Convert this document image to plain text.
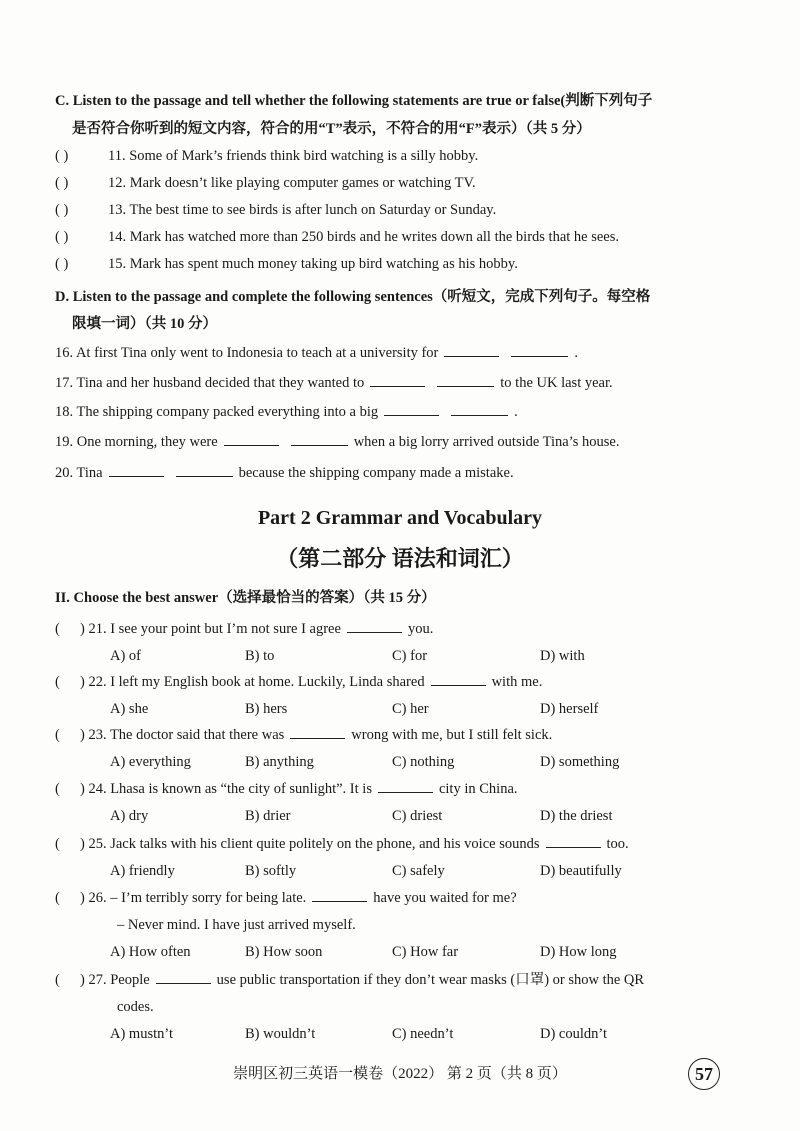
C. Listen to the passage and tell whether the following statements are true or false(判断下列句子
是否符合你听到的短文内容，符合的用“T”表示，不符合的用“F”表示）（共 5 分）
( )	11. Some of Mark’s friends think bird watching is a silly hobby.
( )	12. Mark doesn’t like playing computer games or watching TV.
( )	13. The best time to see birds is after lunch on Saturday or Sunday.
( )	14. Mark has watched more than 250 birds and he writes down all the birds that he sees.
( )	15. Mark has spent much money taking up bird watching as his hobby.
D. Listen to the passage and complete the following sentences（听短文，完成下列句子。每空格
限填一词）（共 10 分）
16. At first Tina only went to Indonesia to teach at a university for	.
17. Tina and her husband decided that they wanted to	to the UK last year.
18. The shipping company packed everything into a big	.
19. One morning, they were	when a big lorry arrived outside Tina’s house.
20. Tina	because the shipping company made a mistake.
Part 2 Grammar and Vocabulary
（第二部分 语法和词汇）
II. Choose the best answer（选择最恰当的答案）（共 15 分）
( ) 21. I see your point but I’m not sure I agree	you.
A) of	B) to	C) for	D) with
( ) 22. I left my English book at home. Luckily, Linda shared	with me.
A) she	B) hers	C) her	D) herself
( ) 23. The doctor said that there was	wrong with me, but I still felt sick.
A) everything	B) anything	C) nothing	D) something
( ) 24. Lhasa is known as “the city of sunlight”. It is	city in China.
A) dry	B) drier	C) driest	D) the driest
( ) 25. Jack talks with his client quite politely on the phone, and his voice sounds	too.
A) friendly	B) softly	C) safely	D) beautifully
( ) 26. – I’m terribly sorry for being late.	have you waited for me?
– Never mind. I have just arrived myself.
A) How often	B) How soon	C) How far	D) How long
( ) 27. People	use public transportation if they don’t wear masks (口罩) or show the QR
codes.
A) mustn’t	B) wouldn’t	C) needn’t	D) couldn’t
崇明区初三英语一模卷（2022） 第 2 页（共 8 页）	57
